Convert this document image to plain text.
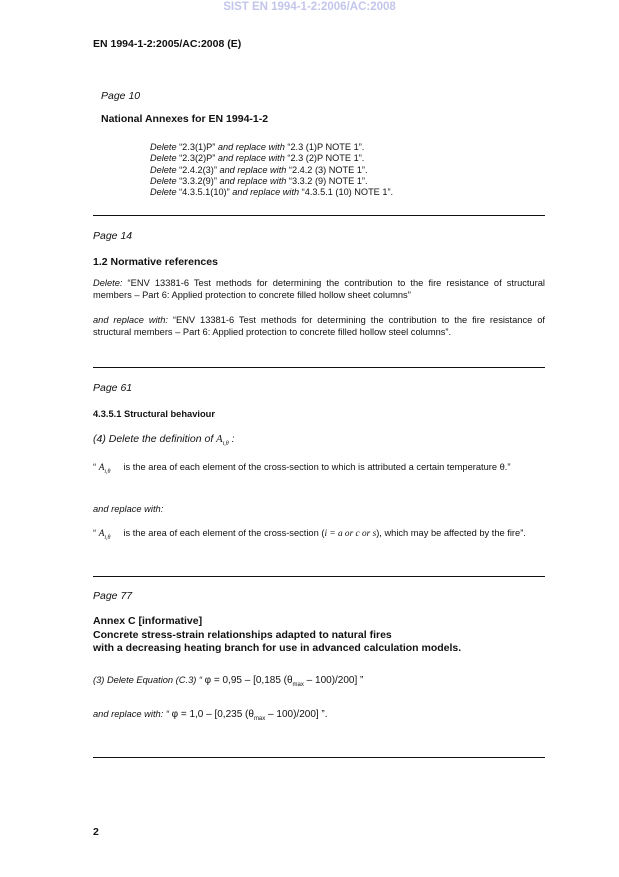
SIST EN 1994-1-2:2006/AC:2008
EN 1994-1-2:2005/AC:2008 (E)
Page 10
National Annexes for EN 1994-1-2
Delete “2.3(1)P” and replace with “2.3 (1)P NOTE 1”.
Delete “2.3(2)P” and replace with “2.3 (2)P NOTE 1”.
Delete “2.4.2(3)” and replace with “2.4.2 (3) NOTE 1”.
Delete “3.3.2(9)” and replace with “3.3.2 (9) NOTE 1”.
Delete “4.3.5.1(10)” and replace with “4.3.5.1 (10) NOTE 1”.
Page 14
1.2 Normative references
Delete: “ENV 13381-6 Test methods for determining the contribution to the fire resistance of structural members – Part 6: Applied protection to concrete filled hollow sheet columns”
and replace with: “ENV 13381-6 Test methods for determining the contribution to the fire resistance of structural members – Part 6: Applied protection to concrete filled hollow steel columns”.
Page 61
4.3.5.1 Structural behaviour
(4) Delete the definition of $A_{i,\theta}$ :
“ $A_{i,\theta}$     is the area of each element of the cross-section to which is attributed a certain temperature θ.”
and replace with:
“ $A_{i,\theta}$     is the area of each element of the cross-section (i = a or c or s), which may be affected by the fire”.
Page 77
Annex C [informative]
Concrete stress-strain relationships adapted to natural fires
with a decreasing heating branch for use in advanced calculation models.
(3) Delete Equation (C.3) “ φ = 0,95 – [0,185 $(\theta_{max} - 100)/200$] ”
and replace with: “ φ = 1,0 – [0,235 $(\theta_{max} - 100)/200$] ”.
2
